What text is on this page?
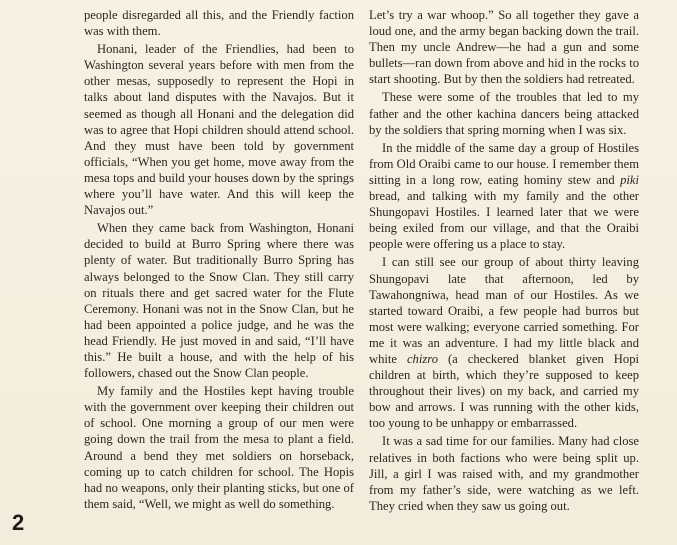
people disregarded all this, and the Friendly faction was with them.

Honani, leader of the Friendlies, had been to Washington several years before with men from the other mesas, supposedly to represent the Hopi in talks about land disputes with the Navajos. But it seemed as though all Honani and the delegation did was to agree that Hopi children should attend school. And they must have been told by government officials, “When you get home, move away from the mesa tops and build your houses down by the springs where you’ll have water. And this will keep the Navajos out.”

When they came back from Washington, Honani decided to build at Burro Spring where there was plenty of water. But traditionally Burro Spring has always belonged to the Snow Clan. They still carry on rituals there and get sacred water for the Flute Ceremony. Honani was not in the Snow Clan, but he had been appointed a police judge, and he was the head Friendly. He just moved in and said, “I’ll have this.” He built a house, and with the help of his followers, chased out the Snow Clan people.

My family and the Hostiles kept having trouble with the government over keeping their children out of school. One morning a group of our men were going down the trail from the mesa to plant a field. Around a bend they met soldiers on horseback, coming up to catch children for school. The Hopis had no weapons, only their planting sticks, but one of them said, “Well, we might as well do something.

Let’s try a war whoop.” So all together they gave a loud one, and the army began backing down the trail. Then my uncle Andrew—he had a gun and some bullets—ran down from above and hid in the rocks to start shooting. But by then the soldiers had retreated.

These were some of the troubles that led to my father and the other kachina dancers being attacked by the soldiers that spring morning when I was six.

In the middle of the same day a group of Hostiles from Old Oraibi came to our house. I remember them sitting in a long row, eating hominy stew and piki bread, and talking with my family and the other Shungopavi Hostiles. I learned later that we were being exiled from our village, and that the Oraibi people were offering us a place to stay.

I can still see our group of about thirty leaving Shungopavi late that afternoon, led by Tawahongniwa, head man of our Hostiles. As we started toward Oraibi, a few people had burros but most were walking; everyone carried something. For me it was an adventure. I had my little black and white chizro (a checkered blanket given Hopi children at birth, which they’re supposed to keep throughout their lives) on my back, and carried my bow and arrows. I was running with the other kids, too young to be unhappy or embarrassed.

It was a sad time for our families. Many had close relatives in both factions who were being split up. Jill, a girl I was raised with, and my grandmother from my father’s side, were watching as we left. They cried when they saw us going out.

2
